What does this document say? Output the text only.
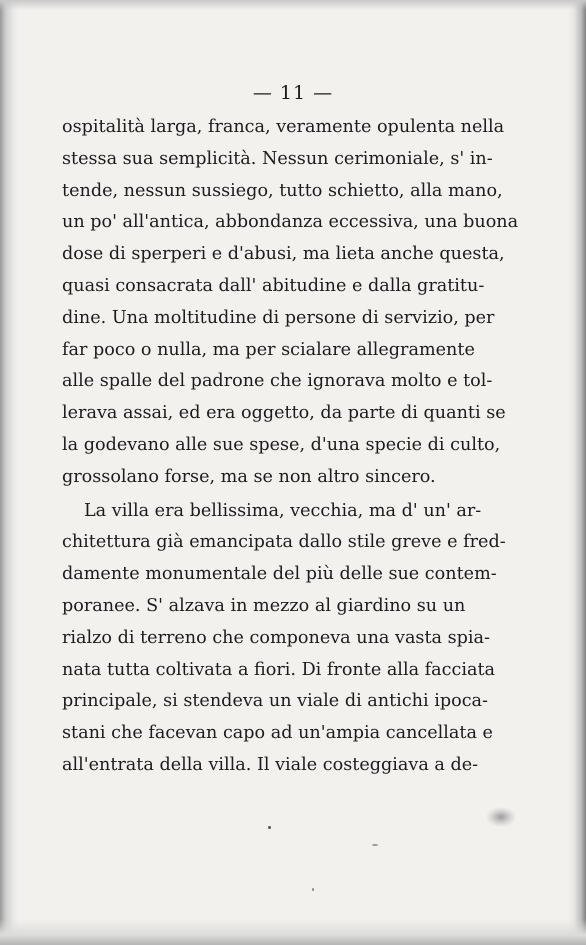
— 11 —
ospitalità larga, franca, veramente opulenta nella
stessa sua semplicità. Nessun cerimoniale, s' in-
tende, nessun sussiego, tutto schietto, alla mano,
un po' all'antica, abbondanza eccessiva, una buona
dose di sperperi e d'abusi, ma lieta anche questa,
quasi consacrata dall' abitudine e dalla gratitu-
dine. Una moltitudine di persone di servizio, per
far poco o nulla, ma per scialare allegramente
alle spalle del padrone che ignorava molto e tol-
lerava assai, ed era oggetto, da parte di quanti se
la godevano alle sue spese, d'una specie di culto,
grossolano forse, ma se non altro sincero.
La villa era bellissima, vecchia, ma d' un' ar-
chitettura già emancipata dallo stile greve e fred-
damente monumentale del più delle sue contem-
poranee. S' alzava in mezzo al giardino su un
rialzo di terreno che componeva una vasta spia-
nata tutta coltivata a fiori. Di fronte alla facciata
principale, si stendeva un viale di antichi ipoca-
stani che facevan capo ad un'ampia cancellata e
all'entrata della villa. Il viale costeggiava a de-
